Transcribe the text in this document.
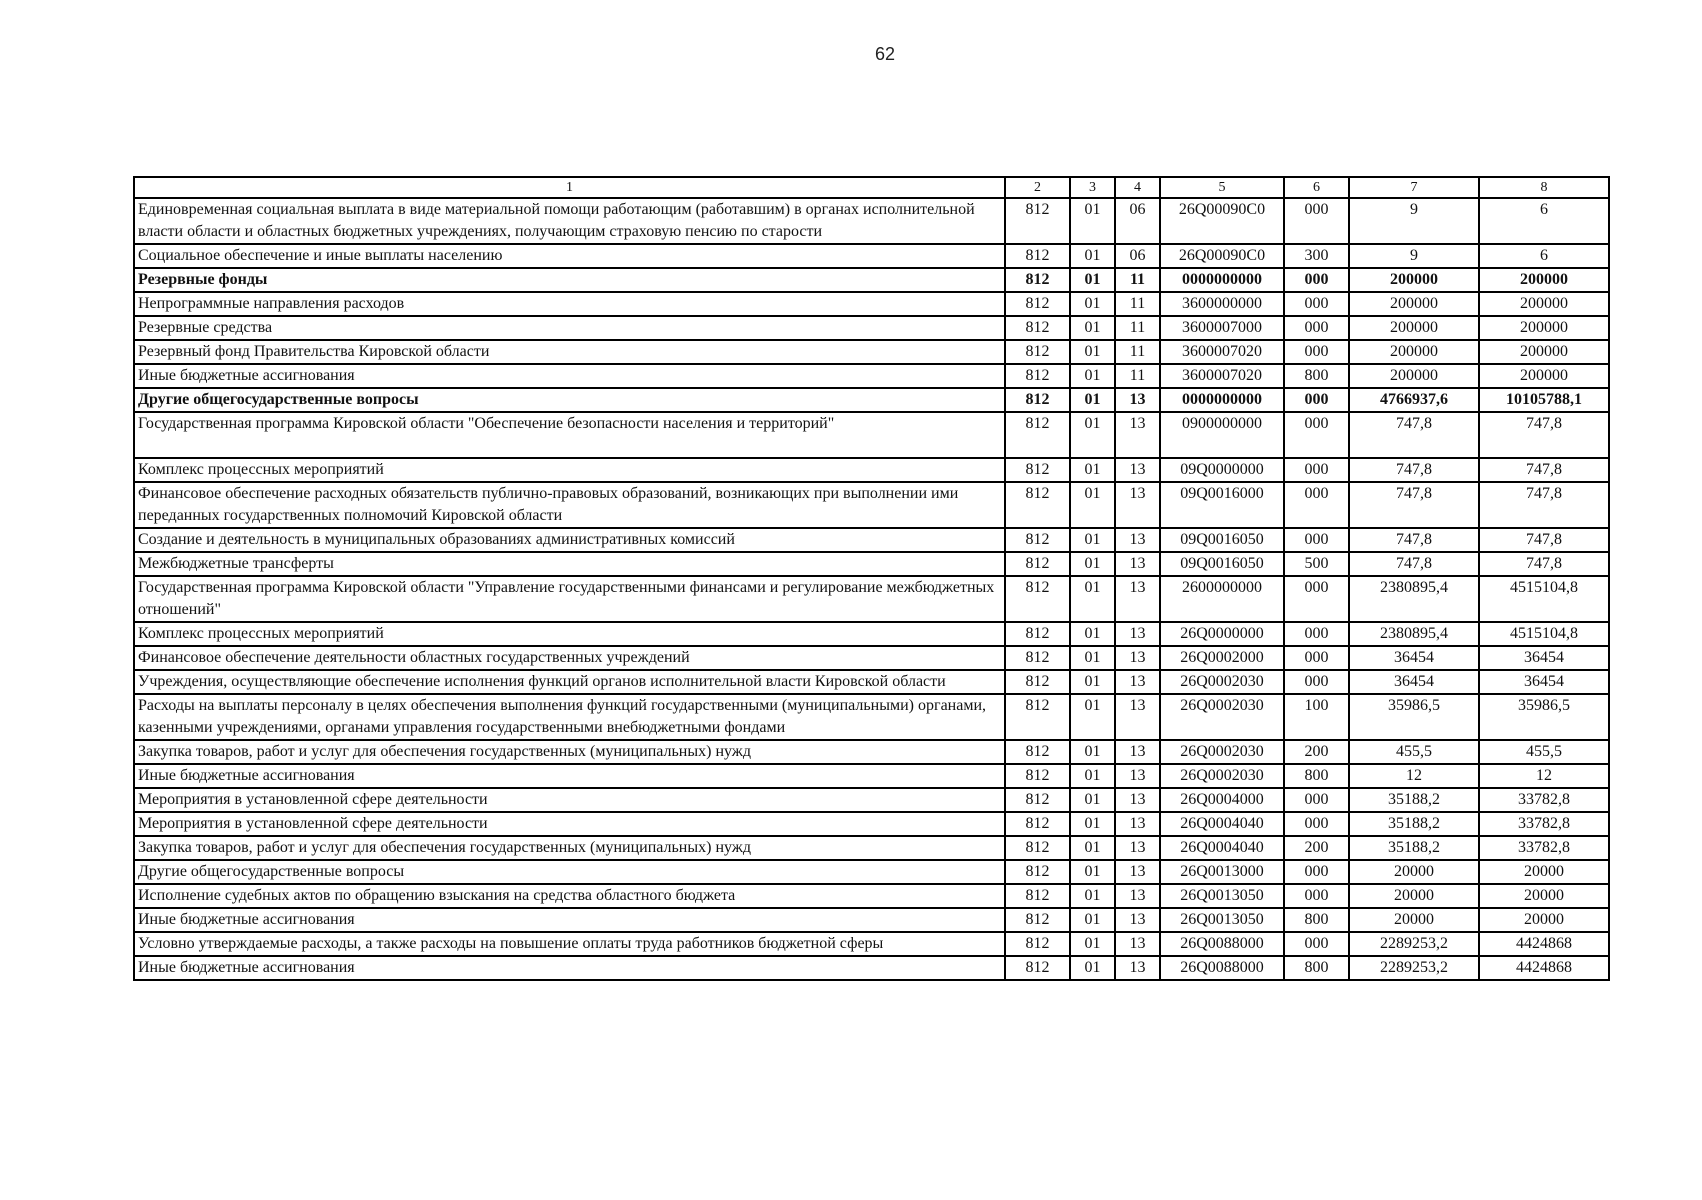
62
1	2	3	4	5	6	7	8
Единовременная социальная выплата в виде материальной помощи работающим (работавшим) в органах исполнительной власти области и областных бюджетных учреждениях, получающим страховую пенсию по старости	812	01	06	26Q00090C0	000	9	6
Социальное обеспечение и иные выплаты населению	812	01	06	26Q00090C0	300	9	6
Резервные фонды	812	01	11	0000000000	000	200000	200000
Непрограммные направления расходов	812	01	11	3600000000	000	200000	200000
Резервные средства	812	01	11	3600007000	000	200000	200000
Резервный фонд Правительства Кировской области	812	01	11	3600007020	000	200000	200000
Иные бюджетные ассигнования	812	01	11	3600007020	800	200000	200000
Другие общегосударственные вопросы	812	01	13	0000000000	000	4766937,6	10105788,1
Государственная программа Кировской области "Обеспечение безопасности населения и территорий"	812	01	13	0900000000	000	747,8	747,8
Комплекс процессных мероприятий	812	01	13	09Q0000000	000	747,8	747,8
Финансовое обеспечение расходных обязательств публично-правовых образований, возникающих при выполнении ими переданных государственных полномочий Кировской области	812	01	13	09Q0016000	000	747,8	747,8
Создание и деятельность в муниципальных образованиях административных комиссий	812	01	13	09Q0016050	000	747,8	747,8
Межбюджетные трансферты	812	01	13	09Q0016050	500	747,8	747,8
Государственная программа Кировской области "Управление государственными финансами и регулирование межбюджетных отношений"	812	01	13	2600000000	000	2380895,4	4515104,8
Комплекс процессных мероприятий	812	01	13	26Q0000000	000	2380895,4	4515104,8
Финансовое обеспечение деятельности областных государственных учреждений	812	01	13	26Q0002000	000	36454	36454
Учреждения, осуществляющие обеспечение исполнения функций органов исполнительной власти Кировской области	812	01	13	26Q0002030	000	36454	36454
Расходы на выплаты персоналу в целях обеспечения выполнения функций государственными (муниципальными) органами, казенными учреждениями, органами управления государственными внебюджетными фондами	812	01	13	26Q0002030	100	35986,5	35986,5
Закупка товаров, работ и услуг для обеспечения государственных (муниципальных) нужд	812	01	13	26Q0002030	200	455,5	455,5
Иные бюджетные ассигнования	812	01	13	26Q0002030	800	12	12
Мероприятия в установленной сфере деятельности	812	01	13	26Q0004000	000	35188,2	33782,8
Мероприятия в установленной сфере деятельности	812	01	13	26Q0004040	000	35188,2	33782,8
Закупка товаров, работ и услуг для обеспечения государственных (муниципальных) нужд	812	01	13	26Q0004040	200	35188,2	33782,8
Другие общегосударственные вопросы	812	01	13	26Q0013000	000	20000	20000
Исполнение судебных актов по обращению взыскания на средства областного бюджета	812	01	13	26Q0013050	000	20000	20000
Иные бюджетные ассигнования	812	01	13	26Q0013050	800	20000	20000
Условно утверждаемые расходы, а также расходы на повышение оплаты труда работников бюджетной сферы	812	01	13	26Q0088000	000	2289253,2	4424868
Иные бюджетные ассигнования	812	01	13	26Q0088000	800	2289253,2	4424868
